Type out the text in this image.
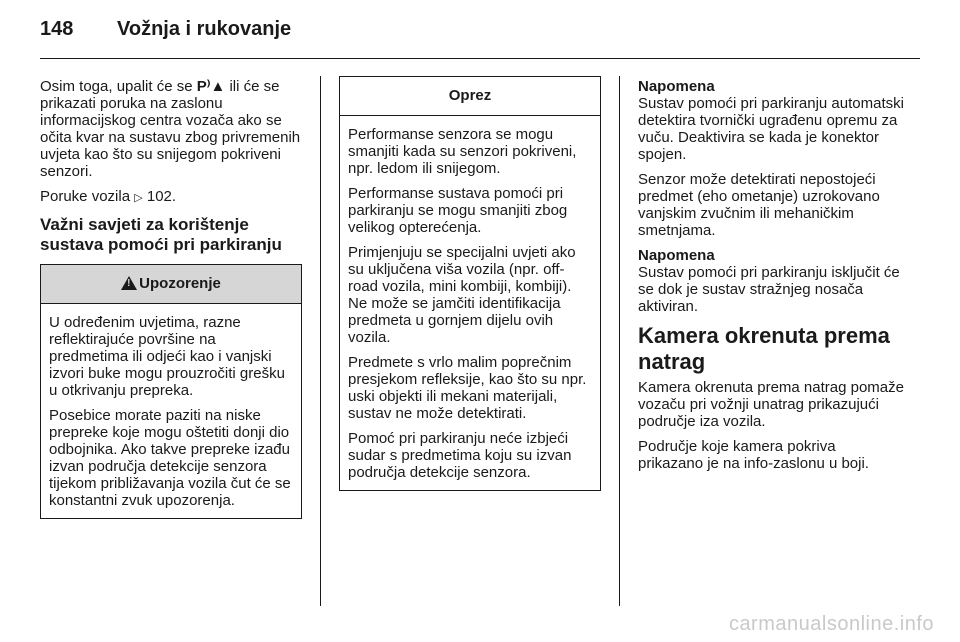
148	Vožnja i rukovanje

Osim toga, upalit će se P⁾▲ ili će se prikazati poruka na zaslonu informacijskog centra vozača ako se očita kvar na sustavu zbog privremenih uvjeta kao što su snijegom pokriveni senzori.

Poruke vozila ▷ 102.

Važni savjeti za korištenje sustava pomoći pri parkiranju
!Upozorenje

U određenim uvjetima, razne reflektirajuće površine na predmetima ili odjeći kao i vanjski izvori buke mogu prouzročiti grešku u otkrivanju prepreka.

Posebice morate paziti na niske prepreke koje mogu oštetiti donji dio odbojnika. Ako takve prepreke izađu izvan područja detekcije senzora tijekom približavanja vozila čut će se konstantni zvuk upozorenja.

Oprez

Performanse senzora se mogu smanjiti kada su senzori pokriveni, npr. ledom ili snijegom.

Performanse sustava pomoći pri parkiranju se mogu smanjiti zbog velikog opterećenja.

Primjenjuju se specijalni uvjeti ako su uključena viša vozila (npr. off-road vozila, mini kombiji, kombiji). Ne može se jamčiti identifikacija predmeta u gornjem dijelu ovih vozila.

Predmete s vrlo malim poprečnim presjekom refleksije, kao što su npr. uski objekti ili mekani materijali, sustav ne može detektirati.

Pomoć pri parkiranju neće izbjeći sudar s predmetima koju su izvan područja detekcije senzora.

Napomena

Sustav pomoći pri parkiranju automatski detektira tvornički ugrađenu opremu za vuču. Deaktivira se kada je konektor spojen.

Senzor može detektirati nepostojeći predmet (eho ometanje) uzrokovano vanjskim zvučnim ili mehaničkim smetnjama.

Napomena

Sustav pomoći pri parkiranju isključit će se dok je sustav stražnjeg nosača aktiviran.

Kamera okrenuta prema natrag

Kamera okrenuta prema natrag pomaže vozaču pri vožnji unatrag prikazujući područje iza vozila.

Područje koje kamera pokriva prikazano je na info-zaslonu u boji.

carmanualsonline.info
